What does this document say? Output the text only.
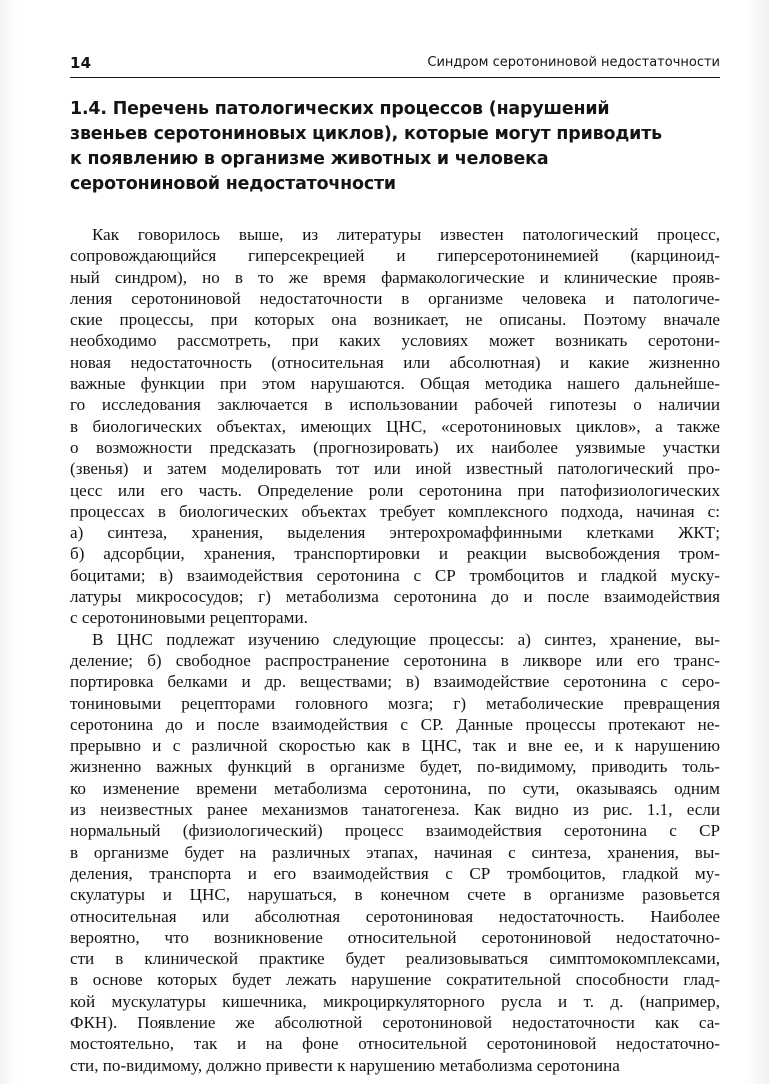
14	Синдром серотониновой недостаточности
1.4. Перечень патологических процессов (нарушений
звеньев серотониновых циклов), которые могут приводить
к появлению в организме животных и человека
серотониновой недостаточности
Как говорилось выше, из литературы известен патологический процесс,
сопровождающийся гиперсекрецией и гиперсеротонинемией (карциноид-
ный синдром), но в то же время фармакологические и клинические прояв-
ления серотониновой недостаточности в организме человека и патологиче-
ские процессы, при которых она возникает, не описаны. Поэтому вначале
необходимо рассмотреть, при каких условиях может возникать серотони-
новая недостаточность (относительная или абсолютная) и какие жизненно
важные функции при этом нарушаются. Общая методика нашего дальнейше-
го исследования заключается в использовании рабочей гипотезы о наличии
в биологических объектах, имеющих ЦНС, «серотониновых циклов», а также
о возможности предсказать (прогнозировать) их наиболее уязвимые участки
(звенья) и затем моделировать тот или иной известный патологический про-
цесс или его часть. Определение роли серотонина при патофизиологических
процессах в биологических объектах требует комплексного подхода, начиная с:
а) синтеза, хранения, выделения энтерохромаффинными клетками ЖКТ;
б) адсорбции, хранения, транспортировки и реакции высвобождения тром-
боцитами; в) взаимодействия серотонина с СР тромбоцитов и гладкой муску-
латуры микрососудов; г) метаболизма серотонина до и после взаимодействия
с серотониновыми рецепторами.
В ЦНС подлежат изучению следующие процессы: а) синтез, хранение, вы-
деление; б) свободное распространение серотонина в ликворе или его транс-
портировка белками и др. веществами; в) взаимодействие серотонина с серо-
тониновыми рецепторами головного мозга; г) метаболические превращения
серотонина до и после взаимодействия с СР. Данные процессы протекают не-
прерывно и с различной скоростью как в ЦНС, так и вне ее, и к нарушению
жизненно важных функций в организме будет, по-видимому, приводить толь-
ко изменение времени метаболизма серотонина, по сути, оказываясь одним
из неизвестных ранее механизмов танатогенеза. Как видно из рис. 1.1, если
нормальный (физиологический) процесс взаимодействия серотонина с СР
в организме будет на различных этапах, начиная с синтеза, хранения, вы-
деления, транспорта и его взаимодействия с СР тромбоцитов, гладкой му-
скулатуры и ЦНС, нарушаться, в конечном счете в организме разовьется
относительная или абсолютная серотониновая недостаточность. Наиболее
вероятно, что возникновение относительной серотониновой недостаточно-
сти в клинической практике будет реализовываться симптомокомплексами,
в основе которых будет лежать нарушение сократительной способности глад-
кой мускулатуры кишечника, микроциркуляторного русла и т. д. (например,
ФКН). Появление же абсолютной серотониновой недостаточности как са-
мостоятельно, так и на фоне относительной серотониновой недостаточно-
сти, по-видимому, должно привести к нарушению метаболизма серотонина
